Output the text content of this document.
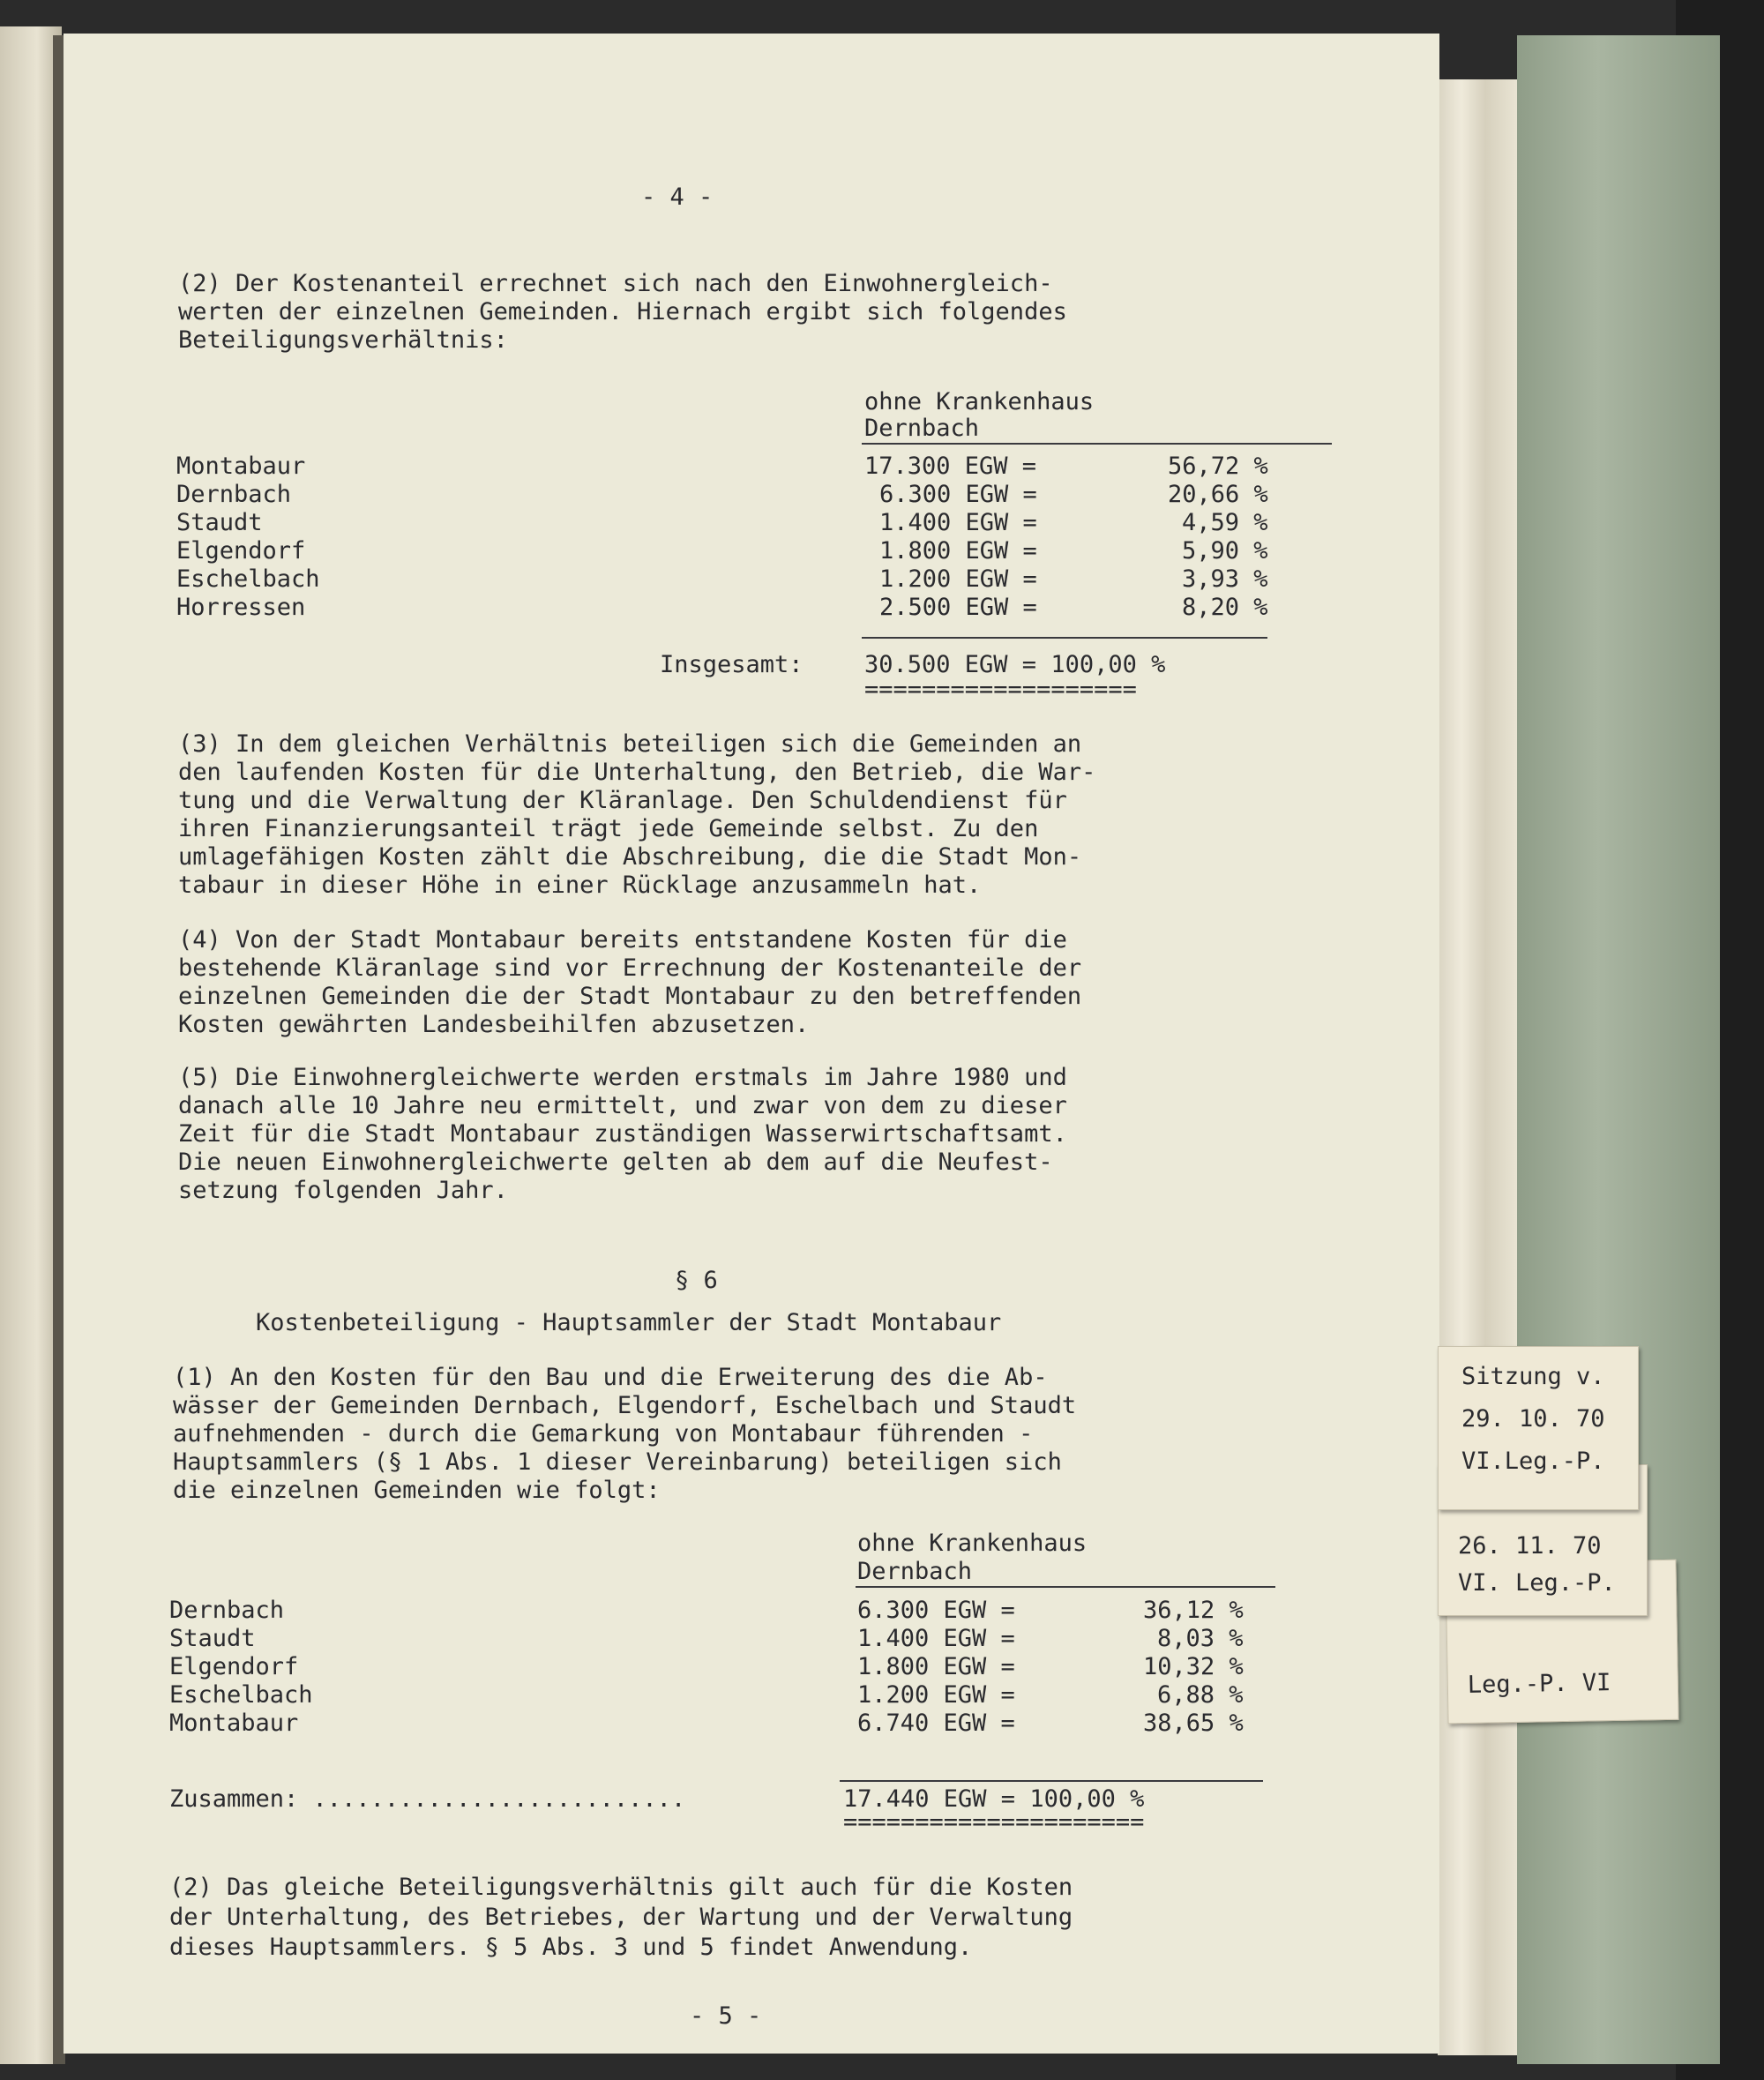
- 4 -
(2) Der Kostenanteil errechnet sich nach den Einwohnergleich-
werten der einzelnen Gemeinden. Hiernach ergibt sich folgendes
Beteiligungsverhältnis:
ohne Krankenhaus
Dernbach
Montabaur	17.300 EGW =	56,72 %
Dernbach	6.300 EGW =	20,66 %
Staudt	1.400 EGW =	4,59 %
Elgendorf	1.800 EGW =	5,90 %
Eschelbach	1.200 EGW =	3,93 %
Horressen	2.500 EGW =	8,20 %
Insgesamt:	30.500 EGW = 100,00 %
===================
(3) In dem gleichen Verhältnis beteiligen sich die Gemeinden an
den laufenden Kosten für die Unterhaltung, den Betrieb, die War-
tung und die Verwaltung der Kläranlage. Den Schuldendienst für
ihren Finanzierungsanteil trägt jede Gemeinde selbst. Zu den
umlagefähigen Kosten zählt die Abschreibung, die die Stadt Mon-
tabaur in dieser Höhe in einer Rücklage anzusammeln hat.
(4) Von der Stadt Montabaur bereits entstandene Kosten für die
bestehende Kläranlage sind vor Errechnung der Kostenanteile der
einzelnen Gemeinden die der Stadt Montabaur zu den betreffenden
Kosten gewährten Landesbeihilfen abzusetzen.
(5) Die Einwohnergleichwerte werden erstmals im Jahre 1980 und
danach alle 10 Jahre neu ermittelt, und zwar von dem zu dieser
Zeit für die Stadt Montabaur zuständigen Wasserwirtschaftsamt.
Die neuen Einwohnergleichwerte gelten ab dem auf die Neufest-
setzung folgenden Jahr.
§ 6
Kostenbeteiligung - Hauptsammler der Stadt Montabaur
(1) An den Kosten für den Bau und die Erweiterung des die Ab-
wässer der Gemeinden Dernbach, Elgendorf, Eschelbach und Staudt
aufnehmenden - durch die Gemarkung von Montabaur führenden -
Hauptsammlers (§ 1 Abs. 1 dieser Vereinbarung) beteiligen sich
die einzelnen Gemeinden wie folgt:
ohne Krankenhaus
Dernbach
Dernbach	6.300 EGW =	36,12 %
Staudt	1.400 EGW =	8,03 %
Elgendorf	1.800 EGW =	10,32 %
Eschelbach	1.200 EGW =	6,88 %
Montabaur	6.740 EGW =	38,65 %
Zusammen: ..........................	17.440 EGW = 100,00 %
=====================
(2) Das gleiche Beteiligungsverhältnis gilt auch für die Kosten
der Unterhaltung, des Betriebes, der Wartung und der Verwaltung
dieses Hauptsammlers. § 5 Abs. 3 und 5 findet Anwendung.
- 5 -
Leg.-P. VI
26. 11. 70
VI. Leg.-P.
Sitzung v.
29. 10. 70
VI.Leg.-P.
